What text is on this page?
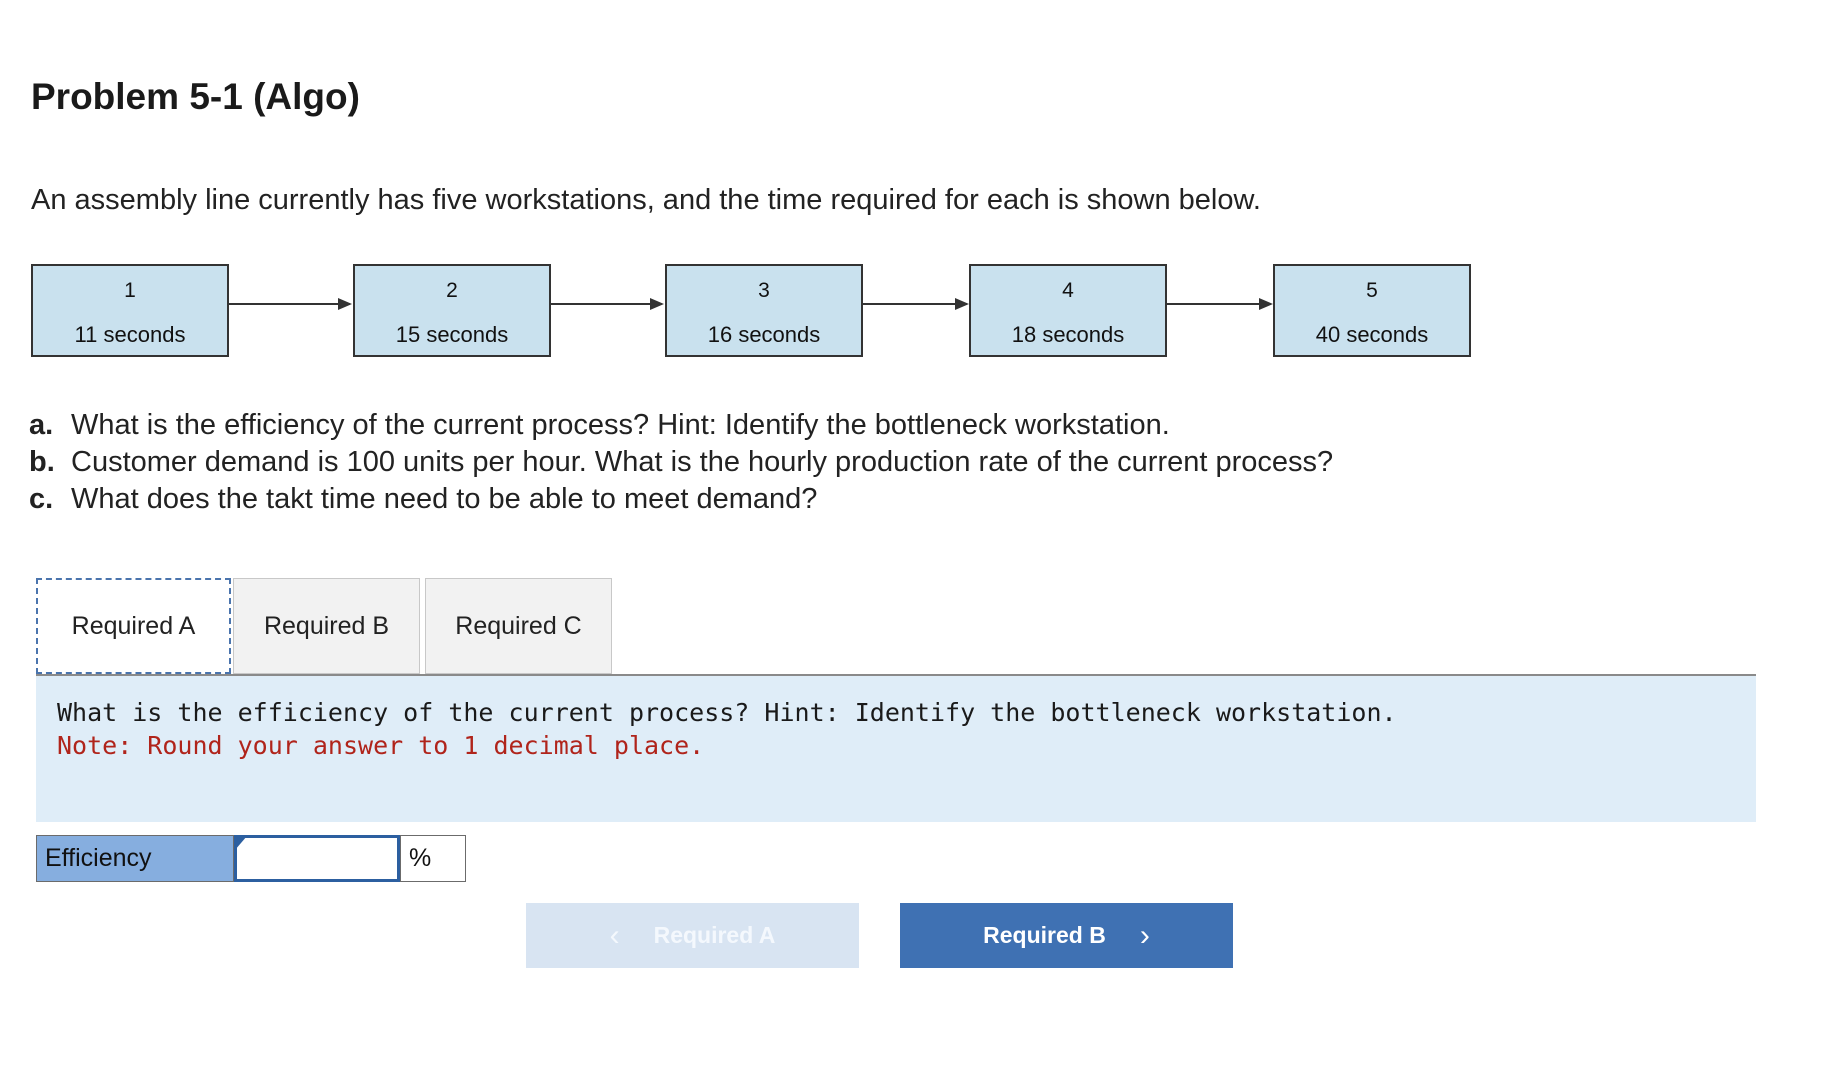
Problem 5-1 (Algo)
An assembly line currently has five workstations, and the time required for each is shown below.
1
11 seconds
2
15 seconds
3
16 seconds
4
18 seconds
5
40 seconds
a. What is the efficiency of the current process? Hint: Identify the bottleneck workstation.
b. Customer demand is 100 units per hour. What is the hourly production rate of the current process?
c. What does the takt time need to be able to meet demand?
Required A	Required B	Required C
What is the efficiency of the current process? Hint: Identify the bottleneck workstation.
Note: Round your answer to 1 decimal place.
Efficiency	%
‹ Required A	Required B ›
